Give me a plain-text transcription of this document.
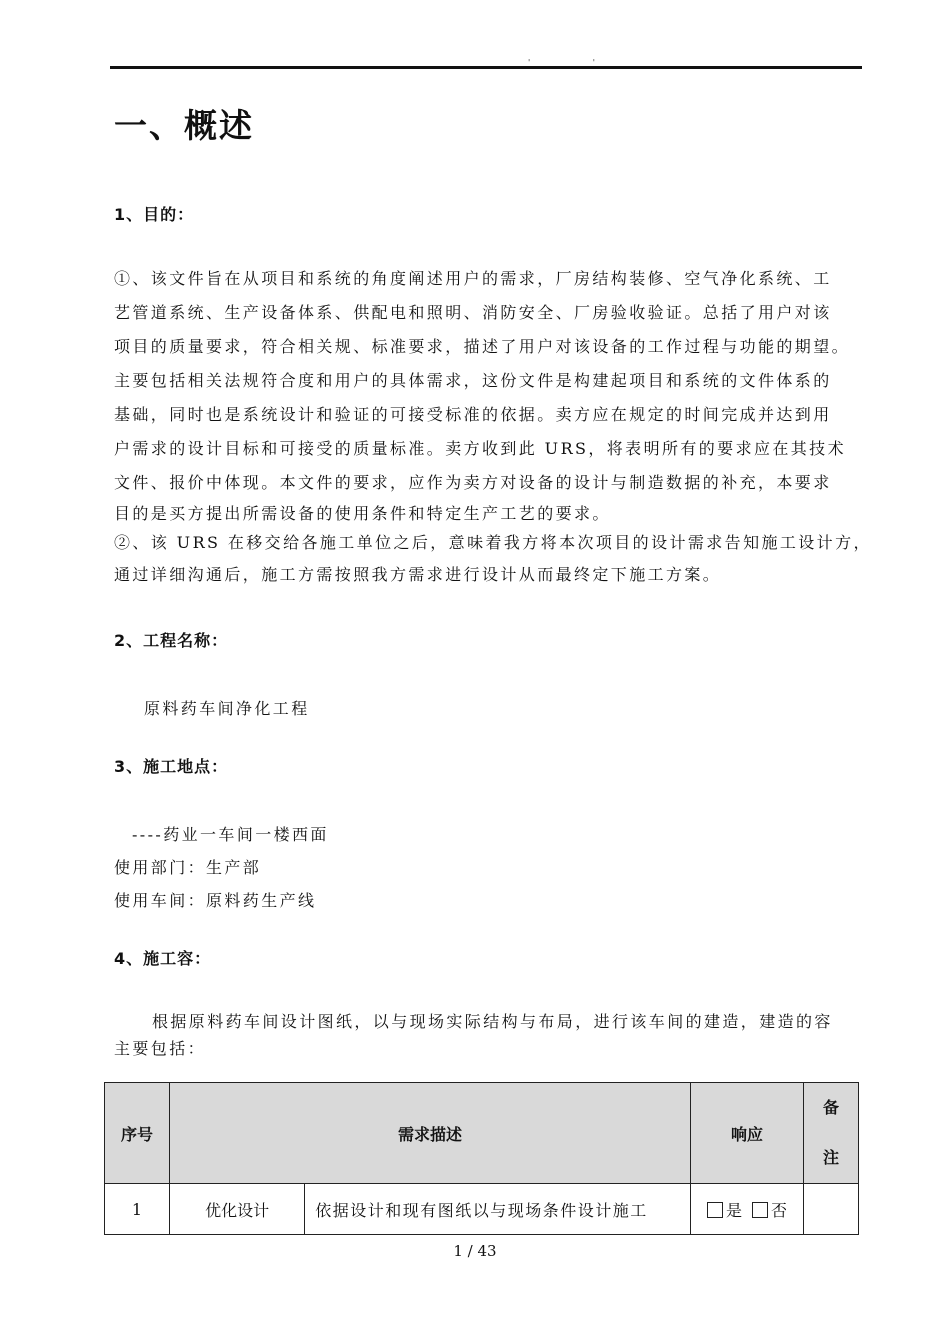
' '
一、概述
1、目的：
①、该文件旨在从项目和系统的角度阐述用户的需求，厂房结构装修、空气净化系统、工
艺管道系统、生产设备体系、供配电和照明、消防安全、厂房验收验证。总括了用户对该
项目的质量要求，符合相关规、标准要求，描述了用户对该设备的工作过程与功能的期望。
主要包括相关法规符合度和用户的具体需求，这份文件是构建起项目和系统的文件体系的
基础，同时也是系统设计和验证的可接受标准的依据。卖方应在规定的时间完成并达到用
户需求的设计目标和可接受的质量标准。卖方收到此 URS，将表明所有的要求应在其技术
文件、报价中体现。本文件的要求，应作为卖方对设备的设计与制造数据的补充，本要求
目的是买方提出所需设备的使用条件和特定生产工艺的要求。
②、该 URS 在移交给各施工单位之后，意味着我方将本次项目的设计需求告知施工设计方，
通过详细沟通后，施工方需按照我方需求进行设计从而最终定下施工方案。
2、工程名称：
原料药车间净化工程
3、施工地点：
----药业一车间一楼西面
使用部门：生产部
使用车间：原料药生产线
4、施工容：
根据原料药车间设计图纸，以与现场实际结构与布局，进行该车间的建造，建造的容
主要包括：
序号	需求描述		响应	备
注

1	优化设计	依据设计和现有图纸以与现场条件设计施工	是 否	
1 / 43
